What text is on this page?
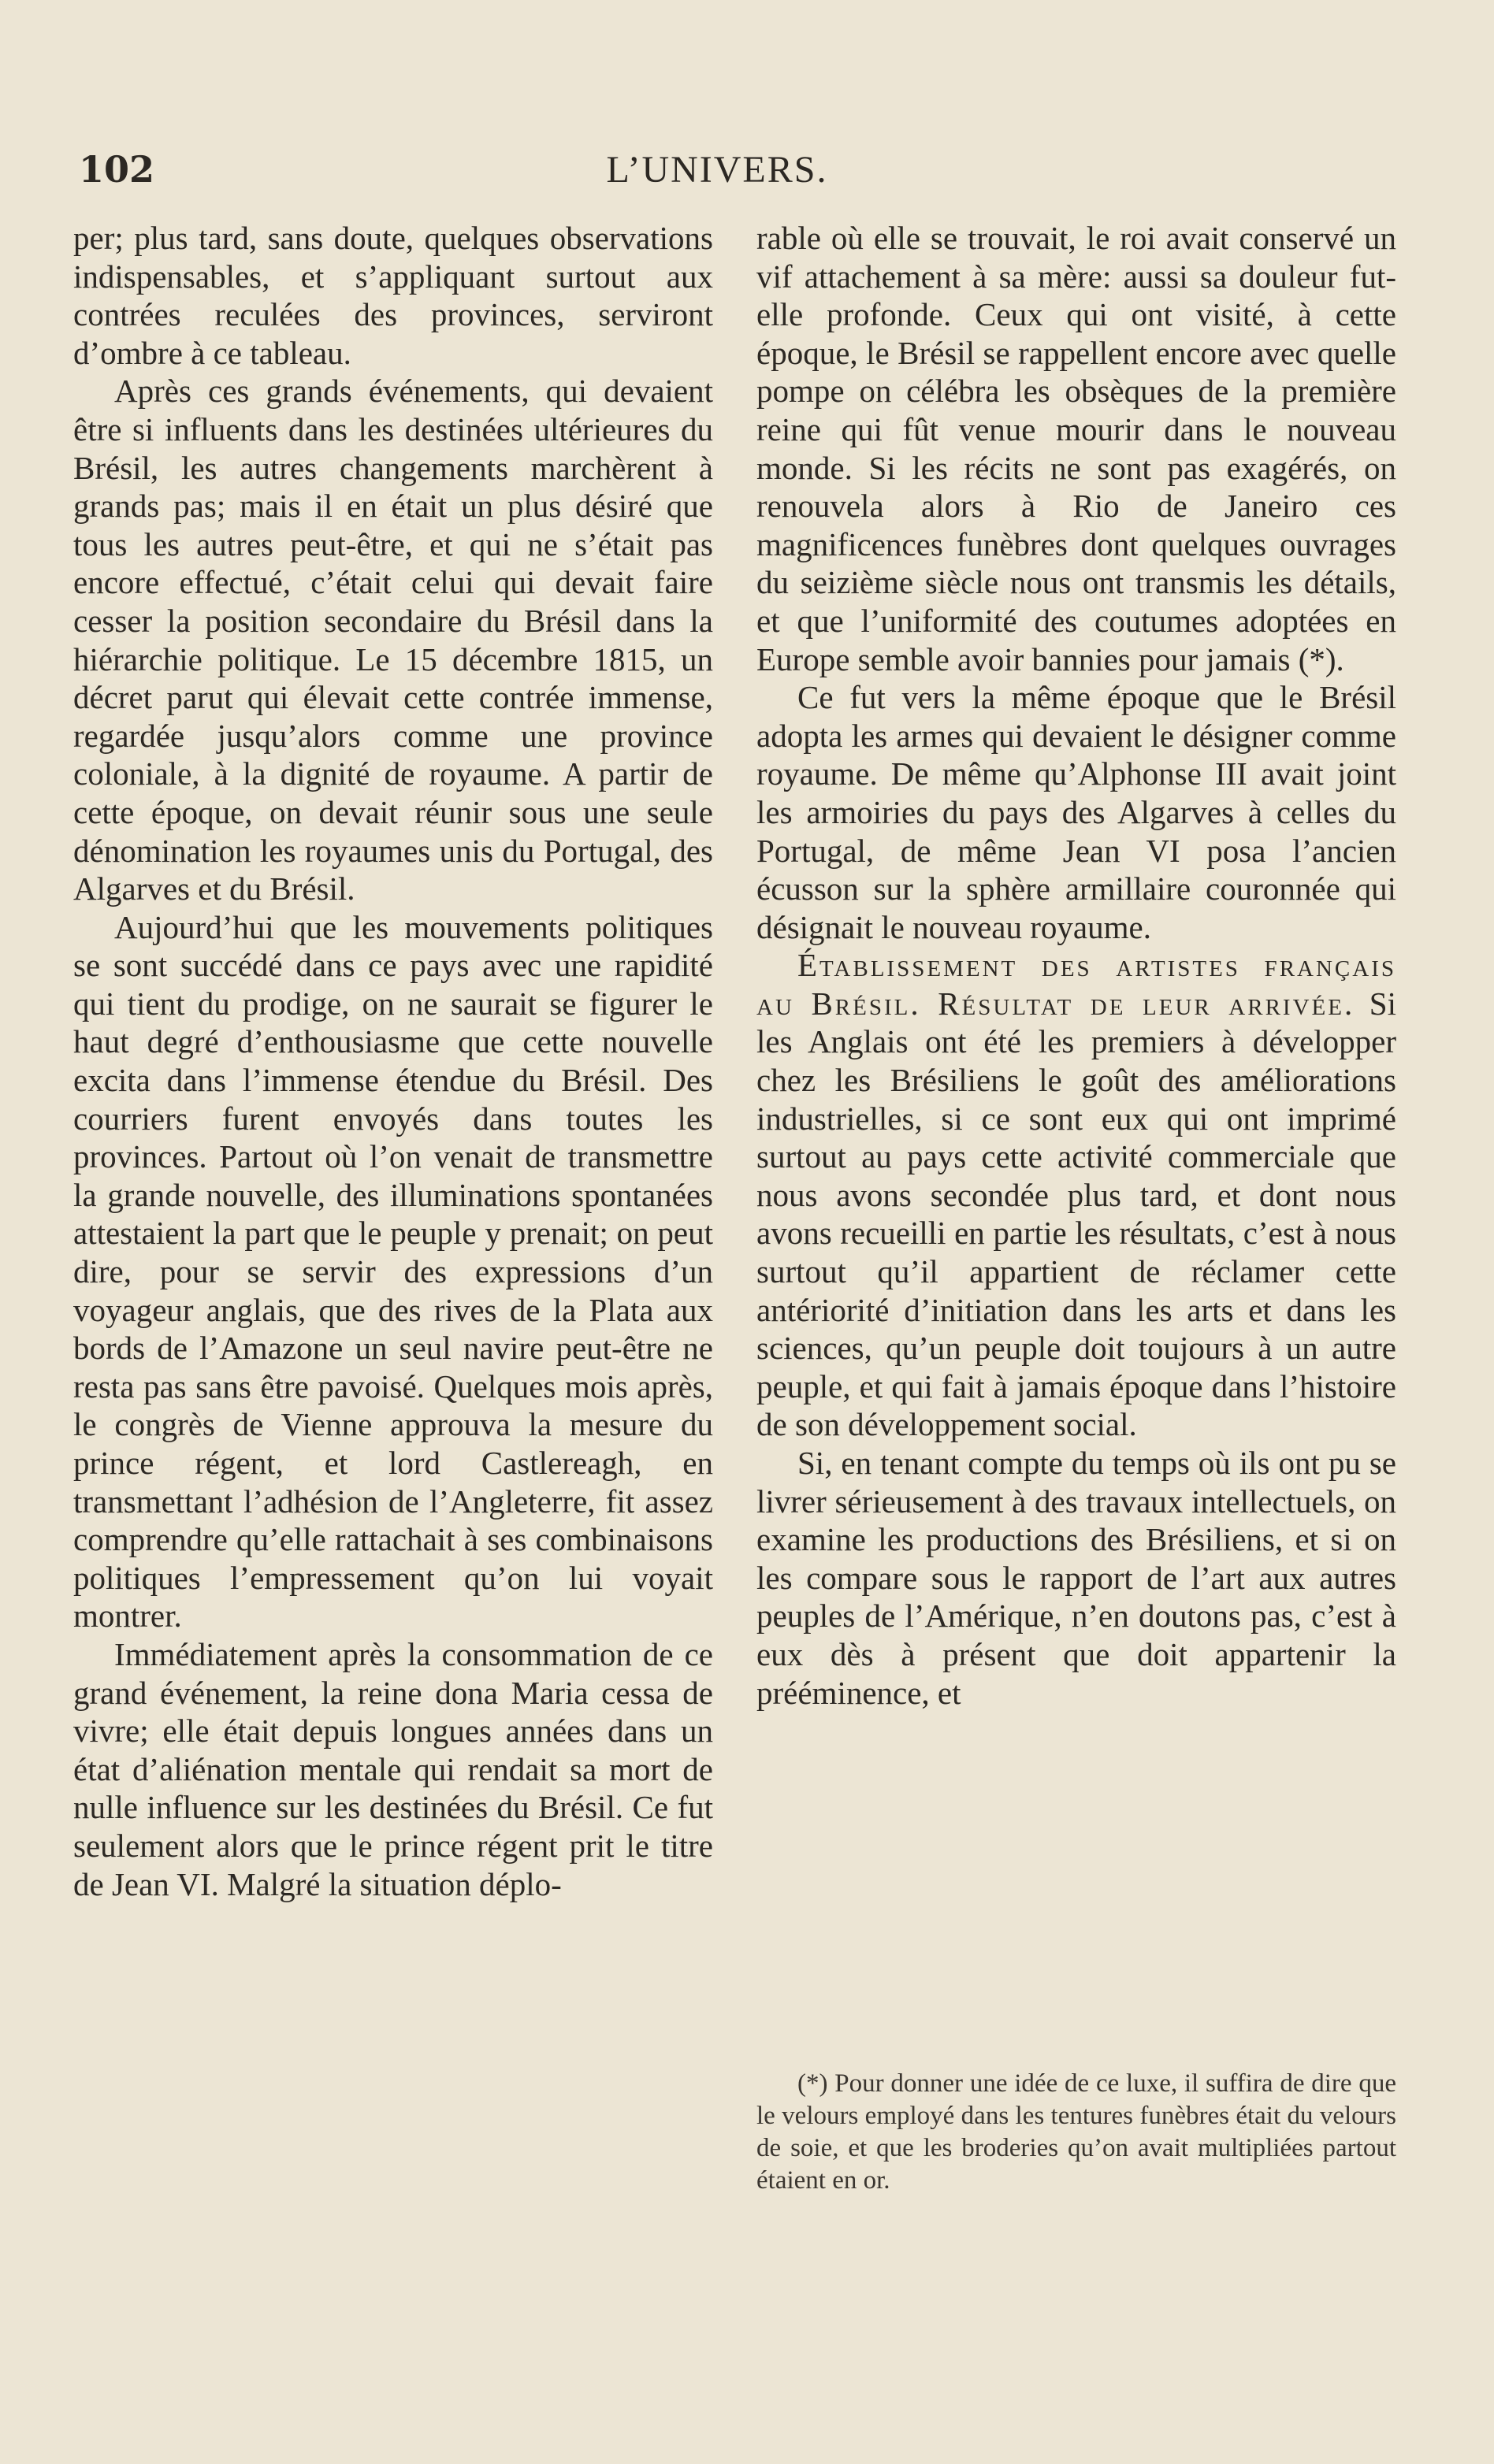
102	L’UNIVERS.

per; plus tard, sans doute, quelques observations indispensables, et s’appliquant surtout aux contrées reculées des provinces, serviront d’ombre à ce tableau.

Après ces grands événements, qui devaient être si influents dans les destinées ultérieures du Brésil, les autres changements marchèrent à grands pas; mais il en était un plus désiré que tous les autres peut-être, et qui ne s’était pas encore effectué, c’était celui qui devait faire cesser la position secondaire du Brésil dans la hiérarchie politique. Le 15 décembre 1815, un décret parut qui élevait cette contrée immense, regardée jusqu’alors comme une province coloniale, à la dignité de royaume. A partir de cette époque, on devait réunir sous une seule dénomination les royaumes unis du Portugal, des Algarves et du Brésil.

Aujourd’hui que les mouvements politiques se sont succédé dans ce pays avec une rapidité qui tient du prodige, on ne saurait se figurer le haut degré d’enthousiasme que cette nouvelle excita dans l’immense étendue du Brésil. Des courriers furent envoyés dans toutes les provinces. Partout où l’on venait de transmettre la grande nouvelle, des illuminations spontanées attestaient la part que le peuple y prenait; on peut dire, pour se servir des expressions d’un voyageur anglais, que des rives de la Plata aux bords de l’Amazone un seul navire peut-être ne resta pas sans être pavoisé. Quelques mois après, le congrès de Vienne approuva la mesure du prince régent, et lord Castlereagh, en transmettant l’adhésion de l’Angleterre, fit assez comprendre qu’elle rattachait à ses combinaisons politiques l’empressement qu’on lui voyait montrer.

Immédiatement après la consommation de ce grand événement, la reine dona Maria cessa de vivre; elle était depuis longues années dans un état d’aliénation mentale qui rendait sa mort de nulle influence sur les destinées du Brésil. Ce fut seulement alors que le prince régent prit le titre de Jean VI. Malgré la situation déplo-

rable où elle se trouvait, le roi avait conservé un vif attachement à sa mère: aussi sa douleur fut-elle profonde. Ceux qui ont visité, à cette époque, le Brésil se rappellent encore avec quelle pompe on célébra les obsèques de la première reine qui fût venue mourir dans le nouveau monde. Si les récits ne sont pas exagérés, on renouvela alors à Rio de Janeiro ces magnificences funèbres dont quelques ouvrages du seizième siècle nous ont transmis les détails, et que l’uniformité des coutumes adoptées en Europe semble avoir bannies pour jamais (*).

Ce fut vers la même époque que le Brésil adopta les armes qui devaient le désigner comme royaume. De même qu’Alphonse III avait joint les armoiries du pays des Algarves à celles du Portugal, de même Jean VI posa l’ancien écusson sur la sphère armillaire couronnée qui désignait le nouveau royaume.

Établissement des artistes français au Brésil. Résultat de leur arrivée. Si les Anglais ont été les premiers à développer chez les Brésiliens le goût des améliorations industrielles, si ce sont eux qui ont imprimé surtout au pays cette activité commerciale que nous avons secondée plus tard, et dont nous avons recueilli en partie les résultats, c’est à nous surtout qu’il appartient de réclamer cette antériorité d’initiation dans les arts et dans les sciences, qu’un peuple doit toujours à un autre peuple, et qui fait à jamais époque dans l’histoire de son développement social.

Si, en tenant compte du temps où ils ont pu se livrer sérieusement à des travaux intellectuels, on examine les productions des Brésiliens, et si on les compare sous le rapport de l’art aux autres peuples de l’Amérique, n’en doutons pas, c’est à eux dès à présent que doit appartenir la prééminence, et

(*) Pour donner une idée de ce luxe, il suffira de dire que le velours employé dans les tentures funèbres était du velours de soie, et que les broderies qu’on avait multipliées partout étaient en or.
